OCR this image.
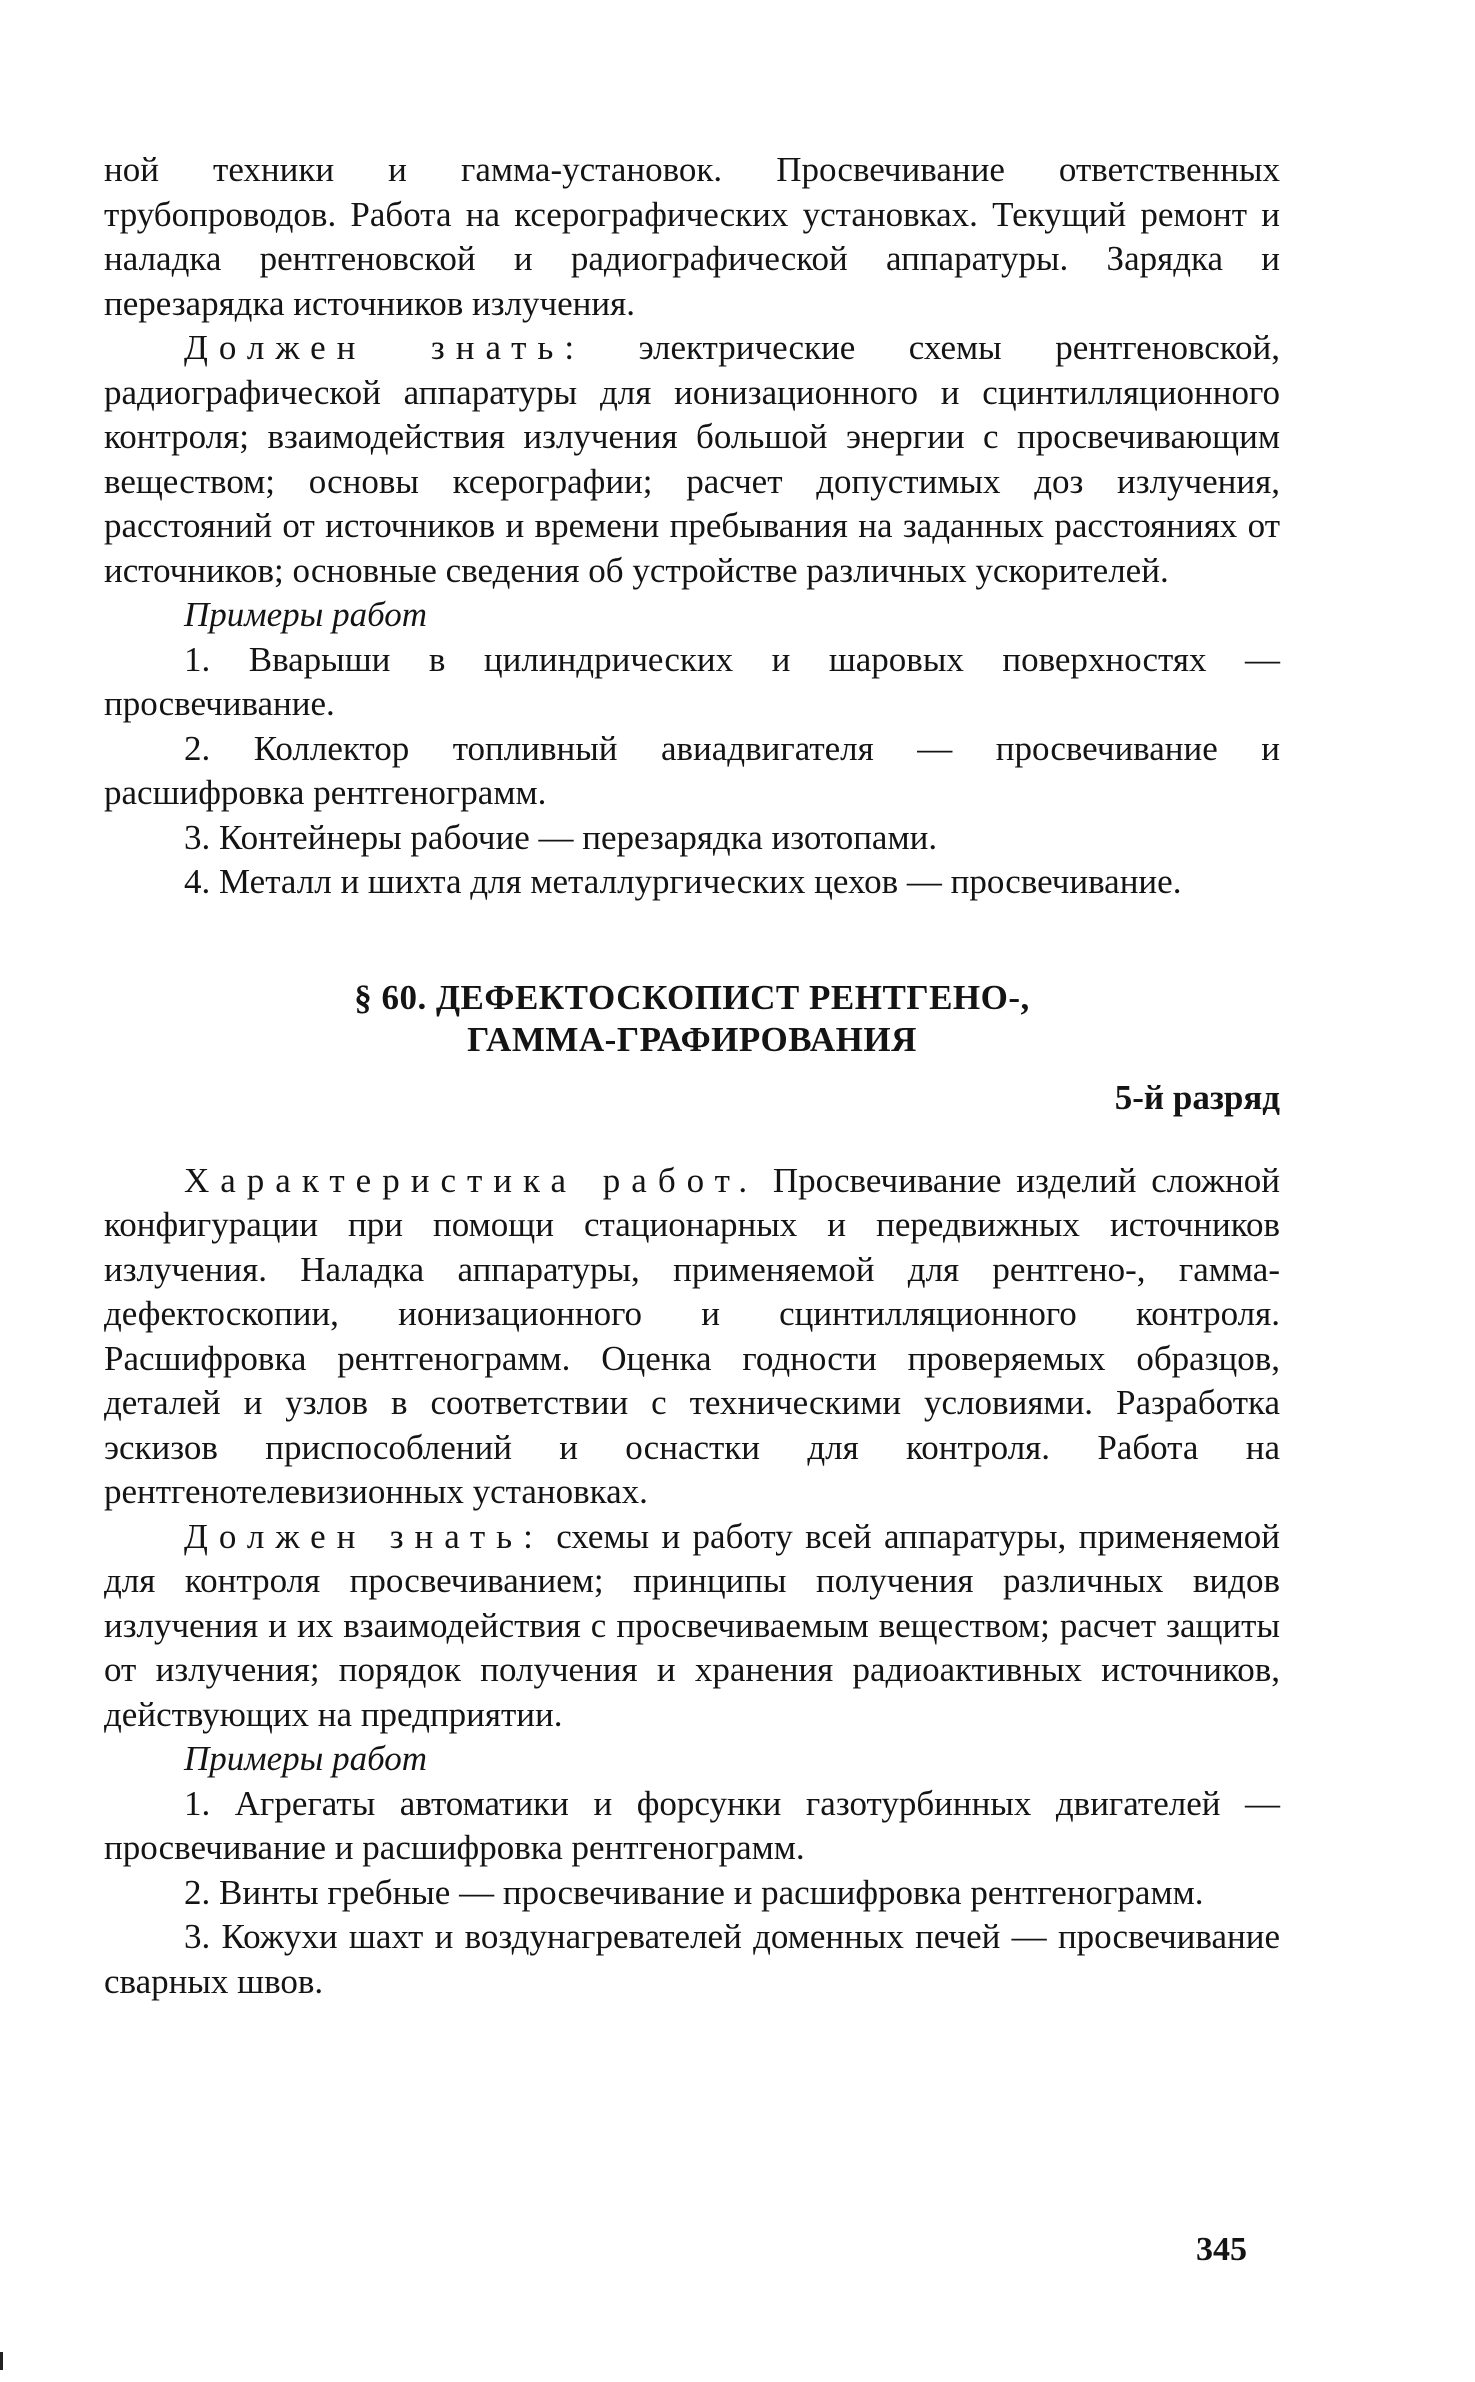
ной техники и гамма-установок. Просвечивание ответственных трубопроводов. Работа на ксерографических установках. Текущий ремонт и наладка рентгеновской и радиографической аппаратуры. Зарядка и перезарядка источников излучения.

Должен знать: электрические схемы рентгеновской, радиографической аппаратуры для ионизационного и сцинтилляционного контроля; взаимодействия излучения большой энергии с просвечивающим веществом; основы ксерографии; расчет допустимых доз излучения, расстояний от источников и времени пребывания на заданных расстояниях от источников; основные сведения об устройстве различных ускорителей.

Примеры работ

1. Вварыши в цилиндрических и шаровых поверхностях — просвечивание.

2. Коллектор топливный авиадвигателя — просвечивание и расшифровка рентгенограмм.

3. Контейнеры рабочие — перезарядка изотопами.

4. Металл и шихта для металлургических цехов — просвечивание.

§ 60. ДЕФЕКТОСКОПИСТ РЕНТГЕНО-,
ГАММА-ГРАФИРОВАНИЯ
5-й разряд

Характеристика работ. Просвечивание изделий сложной конфигурации при помощи стационарных и передвижных источников излучения. Наладка аппаратуры, применяемой для рентгено-, гамма-дефектоскопии, ионизационного и сцинтилляционного контроля. Расшифровка рентгенограмм. Оценка годности проверяемых образцов, деталей и узлов в соответствии с техническими условиями. Разработка эскизов приспособлений и оснастки для контроля. Работа на рентгенотелевизионных установках.

Должен знать: схемы и работу всей аппаратуры, применяемой для контроля просвечиванием; принципы получения различных видов излучения и их взаимодействия с просвечиваемым веществом; расчет защиты от излучения; порядок получения и хранения радиоактивных источников, действующих на предприятии.

Примеры работ

1. Агрегаты автоматики и форсунки газотурбинных двигателей — просвечивание и расшифровка рентгенограмм.

2. Винты гребные — просвечивание и расшифровка рентгенограмм.

3. Кожухи шахт и воздунагревателей доменных печей — просвечивание сварных швов.

345
